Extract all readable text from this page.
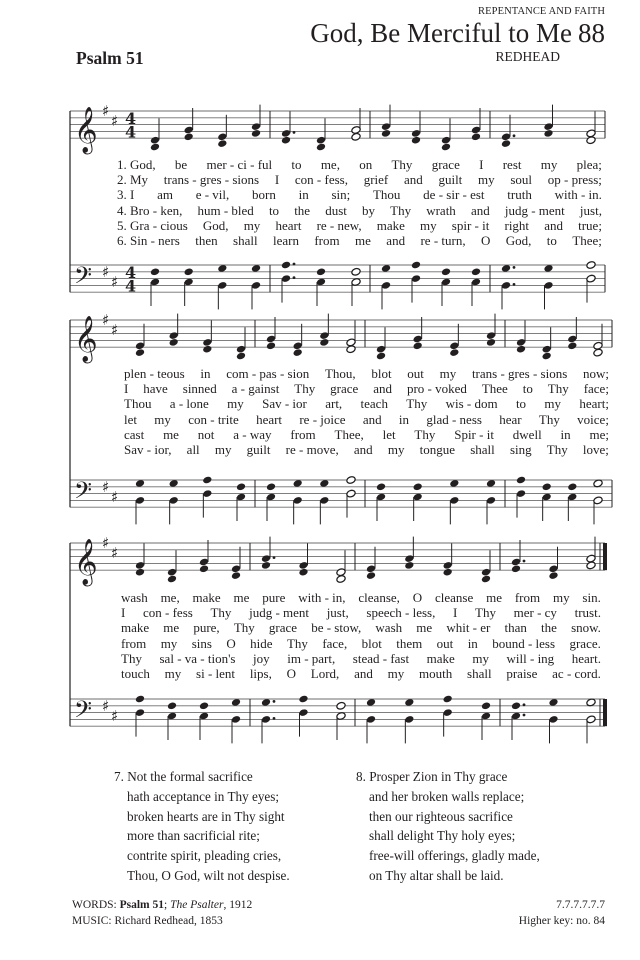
REPENTANCE AND FAITH
God, Be Merciful to Me 88
Psalm 51	REDHEAD
𝄞 ♯
♯ 4
4
𝄢 ♯
♯ 4
4
𝄞 ♯
♯
𝄢 ♯
♯
𝄞 ♯
♯
𝄢 ♯
♯
1. God, be mer - ci - ful to me, on Thy grace I rest my plea;
2. My trans - gres - sions I con - fess, grief and guilt my soul op - press;
3. I am e - vil, born in sin; Thou de - sir - est truth with - in.
4. Bro - ken, hum - bled to the dust by Thy wrath and judg - ment just,
5. Gra - cious God, my heart re - new, make my spir - it right and true;
6. Sin - ners then shall learn from me and re - turn, O God, to Thee;
plen - teous in com - pas - sion Thou, blot out my trans - gres - sions now;
I have sinned a - gainst Thy grace and pro - voked Thee to Thy face;
Thou a - lone my Sav - ior art, teach Thy wis - dom to my heart;
let my con - trite heart re - joice and in glad - ness hear Thy voice;
cast me not a - way from Thee, let Thy Spir - it dwell in me;
Sav - ior, all my guilt re - move, and my tongue shall sing Thy love;
wash me, make me pure with - in, cleanse, O cleanse me from my sin.
I con - fess Thy judg - ment just, speech - less, I Thy mer - cy trust.
make me pure, Thy grace be - stow, wash me whit - er than the snow.
from my sins O hide Thy face, blot them out in bound - less grace.
Thy sal - va - tion's joy im - part, stead - fast make my will - ing heart.
touch my si - lent lips, O Lord, and my mouth shall praise ac - cord.
7. Not the formal sacrifice
hath acceptance in Thy eyes;
broken hearts are in Thy sight
more than sacrificial rite;
contrite spirit, pleading cries,
Thou, O God, wilt not despise.
8. Prosper Zion in Thy grace
and her broken walls replace;
then our righteous sacrifice
shall delight Thy holy eyes;
free-will offerings, gladly made,
on Thy altar shall be laid.
WORDS: Psalm 51; The Psalter, 1912
MUSIC: Richard Redhead, 1853
7.7.7.7.7.7
Higher key: no. 84
